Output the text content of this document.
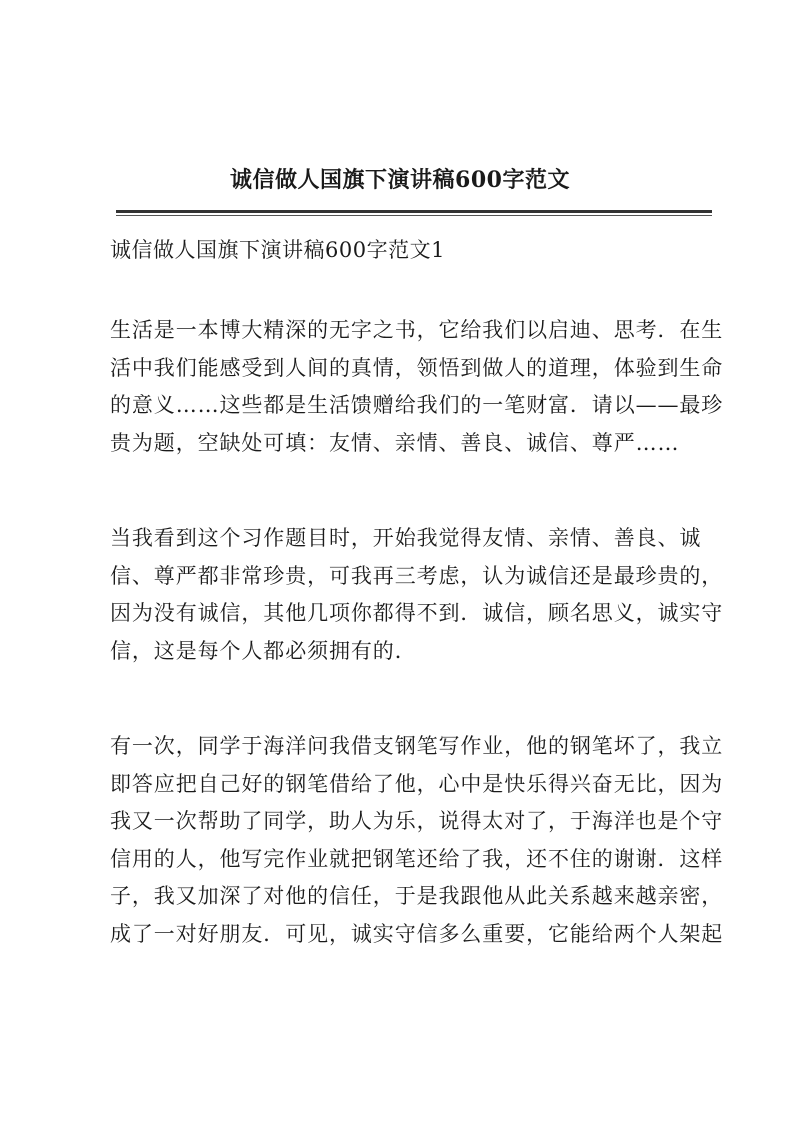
诚信做人国旗下演讲稿600字范文
诚信做人国旗下演讲稿600字范文1
生活是一本博大精深的无字之书，它给我们以启迪、思考．在生
活中我们能感受到人间的真情，领悟到做人的道理，体验到生命
的意义……这些都是生活馈赠给我们的一笔财富．请以——最珍
贵为题，空缺处可填：友情、亲情、善良、诚信、尊严……
当我看到这个习作题目时，开始我觉得友情、亲情、善良、诚
信、尊严都非常珍贵，可我再三考虑，认为诚信还是最珍贵的，
因为没有诚信，其他几项你都得不到．诚信，顾名思义，诚实守
信，这是每个人都必须拥有的．
有一次，同学于海洋问我借支钢笔写作业，他的钢笔坏了，我立
即答应把自己好的钢笔借给了他，心中是快乐得兴奋无比，因为
我又一次帮助了同学，助人为乐，说得太对了，于海洋也是个守
信用的人，他写完作业就把钢笔还给了我，还不住的谢谢．这样
子，我又加深了对他的信任，于是我跟他从此关系越来越亲密，
成了一对好朋友．可见，诚实守信多么重要，它能给两个人架起
